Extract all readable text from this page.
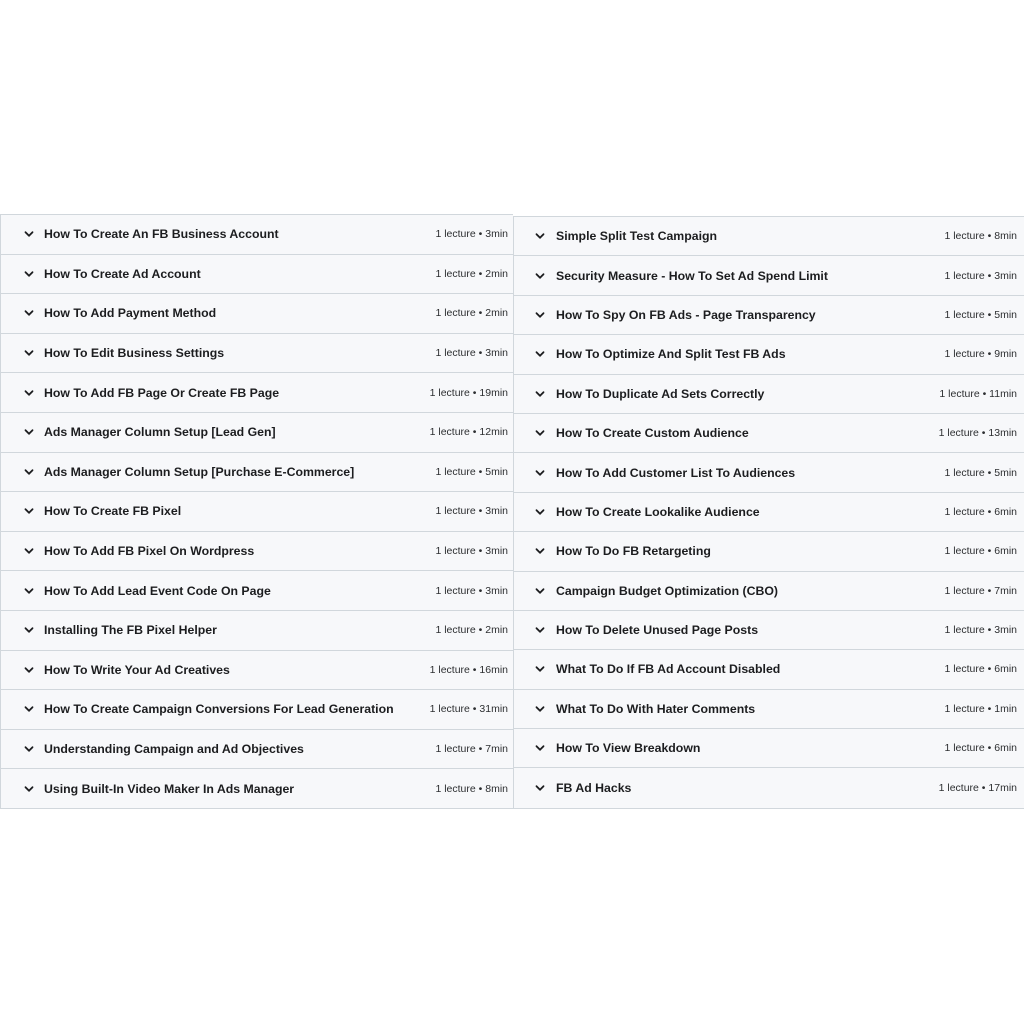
How To Create An FB Business Account	1 lecture • 3min
How To Create Ad Account	1 lecture • 2min
How To Add Payment Method	1 lecture • 2min
How To Edit Business Settings	1 lecture • 3min
How To Add FB Page Or Create FB Page	1 lecture • 19min
Ads Manager Column Setup [Lead Gen]	1 lecture • 12min
Ads Manager Column Setup [Purchase E-Commerce]	1 lecture • 5min
How To Create FB Pixel	1 lecture • 3min
How To Add FB Pixel On Wordpress	1 lecture • 3min
How To Add Lead Event Code On Page	1 lecture • 3min
Installing The FB Pixel Helper	1 lecture • 2min
How To Write Your Ad Creatives	1 lecture • 16min
How To Create Campaign Conversions For Lead Generation	1 lecture • 31min
Understanding Campaign and Ad Objectives	1 lecture • 7min
Using Built-In Video Maker In Ads Manager	1 lecture • 8min
Simple Split Test Campaign	1 lecture • 8min
Security Measure - How To Set Ad Spend Limit	1 lecture • 3min
How To Spy On FB Ads - Page Transparency	1 lecture • 5min
How To Optimize And Split Test FB Ads	1 lecture • 9min
How To Duplicate Ad Sets Correctly	1 lecture • 11min
How To Create Custom Audience	1 lecture • 13min
How To Add Customer List To Audiences	1 lecture • 5min
How To Create Lookalike Audience	1 lecture • 6min
How To Do FB Retargeting	1 lecture • 6min
Campaign Budget Optimization (CBO)	1 lecture • 7min
How To Delete Unused Page Posts	1 lecture • 3min
What To Do If FB Ad Account Disabled	1 lecture • 6min
What To Do With Hater Comments	1 lecture • 1min
How To View Breakdown	1 lecture • 6min
FB Ad Hacks	1 lecture • 17min
